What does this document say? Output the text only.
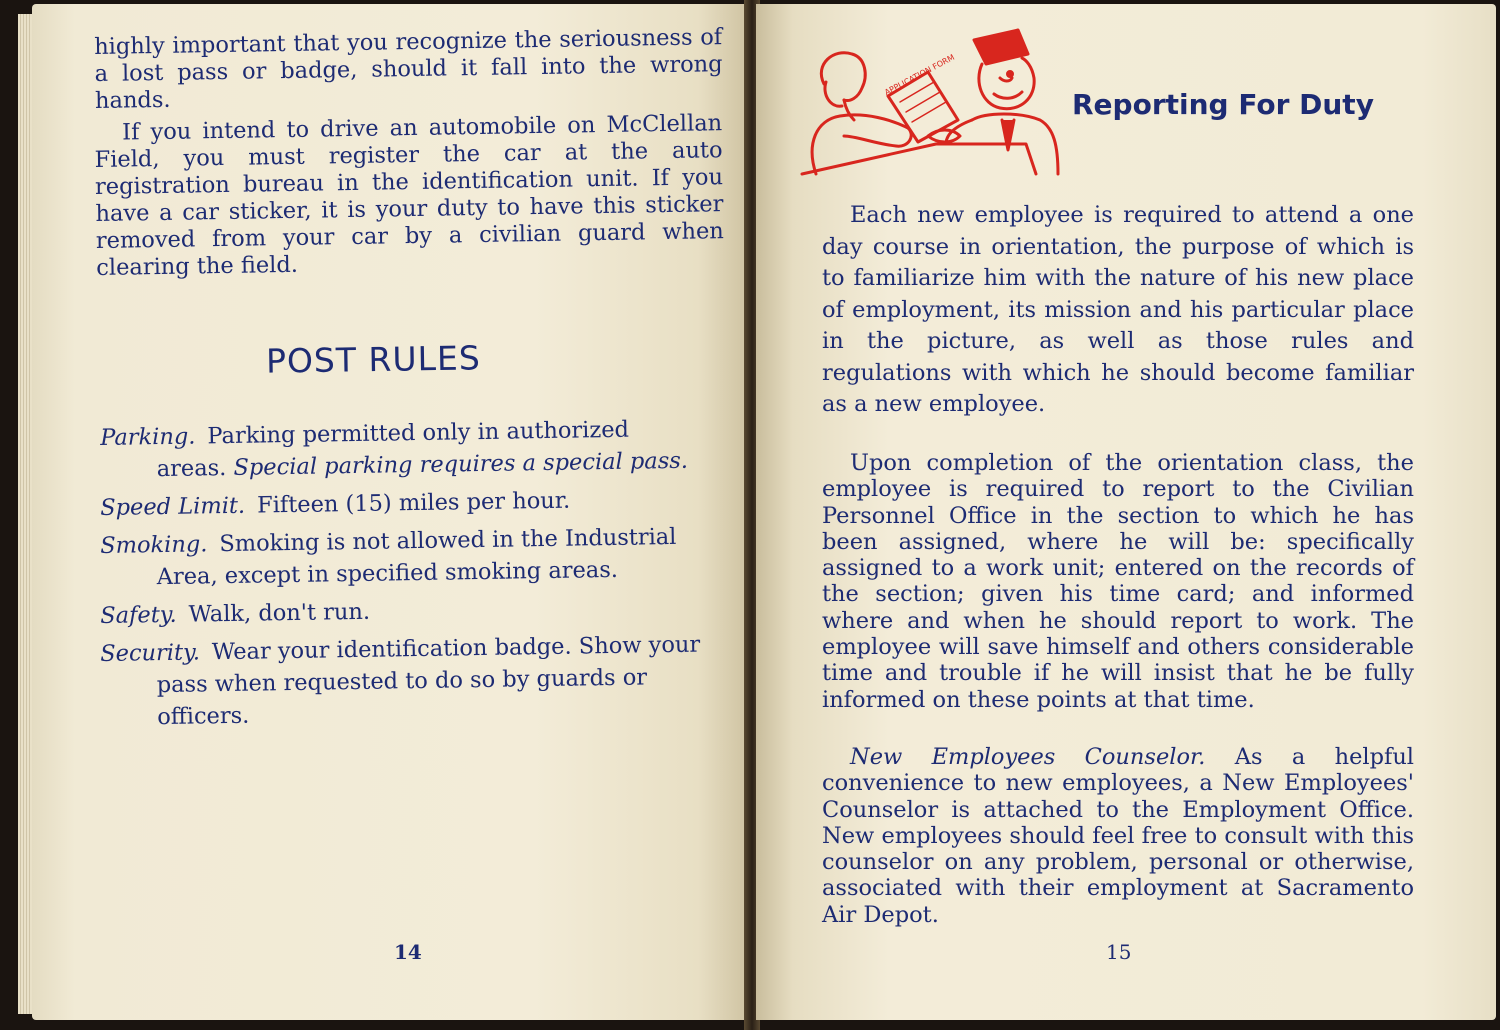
highly important that you recognize the seriousness of a lost pass or badge, should it fall into the wrong hands.

If you intend to drive an automobile on McClellan Field, you must register the car at the auto registration bureau in the identification unit. If you have a car sticker, it is your duty to have this sticker removed from your car by a civilian guard when clearing the field.

POST RULES

Parking. Parking permitted only in authorized areas. Special parking requires a special pass.

Speed Limit. Fifteen (15) miles per hour.

Smoking. Smoking is not allowed in the Industrial Area, except in specified smoking areas.

Safety. Walk, don't run.

Security. Wear your identification badge. Show your pass when requested to do so by guards or officers.

14
APPLICATION FORM
Reporting For Duty

Each new employee is required to attend a one day course in orientation, the purpose of which is to familiarize him with the nature of his new place of employment, its mission and his particular place in the picture, as well as those rules and regulations with which he should become familiar as a new employee.

Upon completion of the orientation class, the employee is required to report to the Civilian Personnel Office in the section to which he has been assigned, where he will be: specifically assigned to a work unit; entered on the records of the section; given his time card; and informed where and when he should report to work. The employee will save himself and others considerable time and trouble if he will insist that he be fully informed on these points at that time.

New Employees Counselor. As a helpful convenience to new employees, a New Employees' Counselor is attached to the Employment Office. New employees should feel free to consult with this counselor on any problem, personal or otherwise, associated with their employment at Sacramento Air Depot.

15
